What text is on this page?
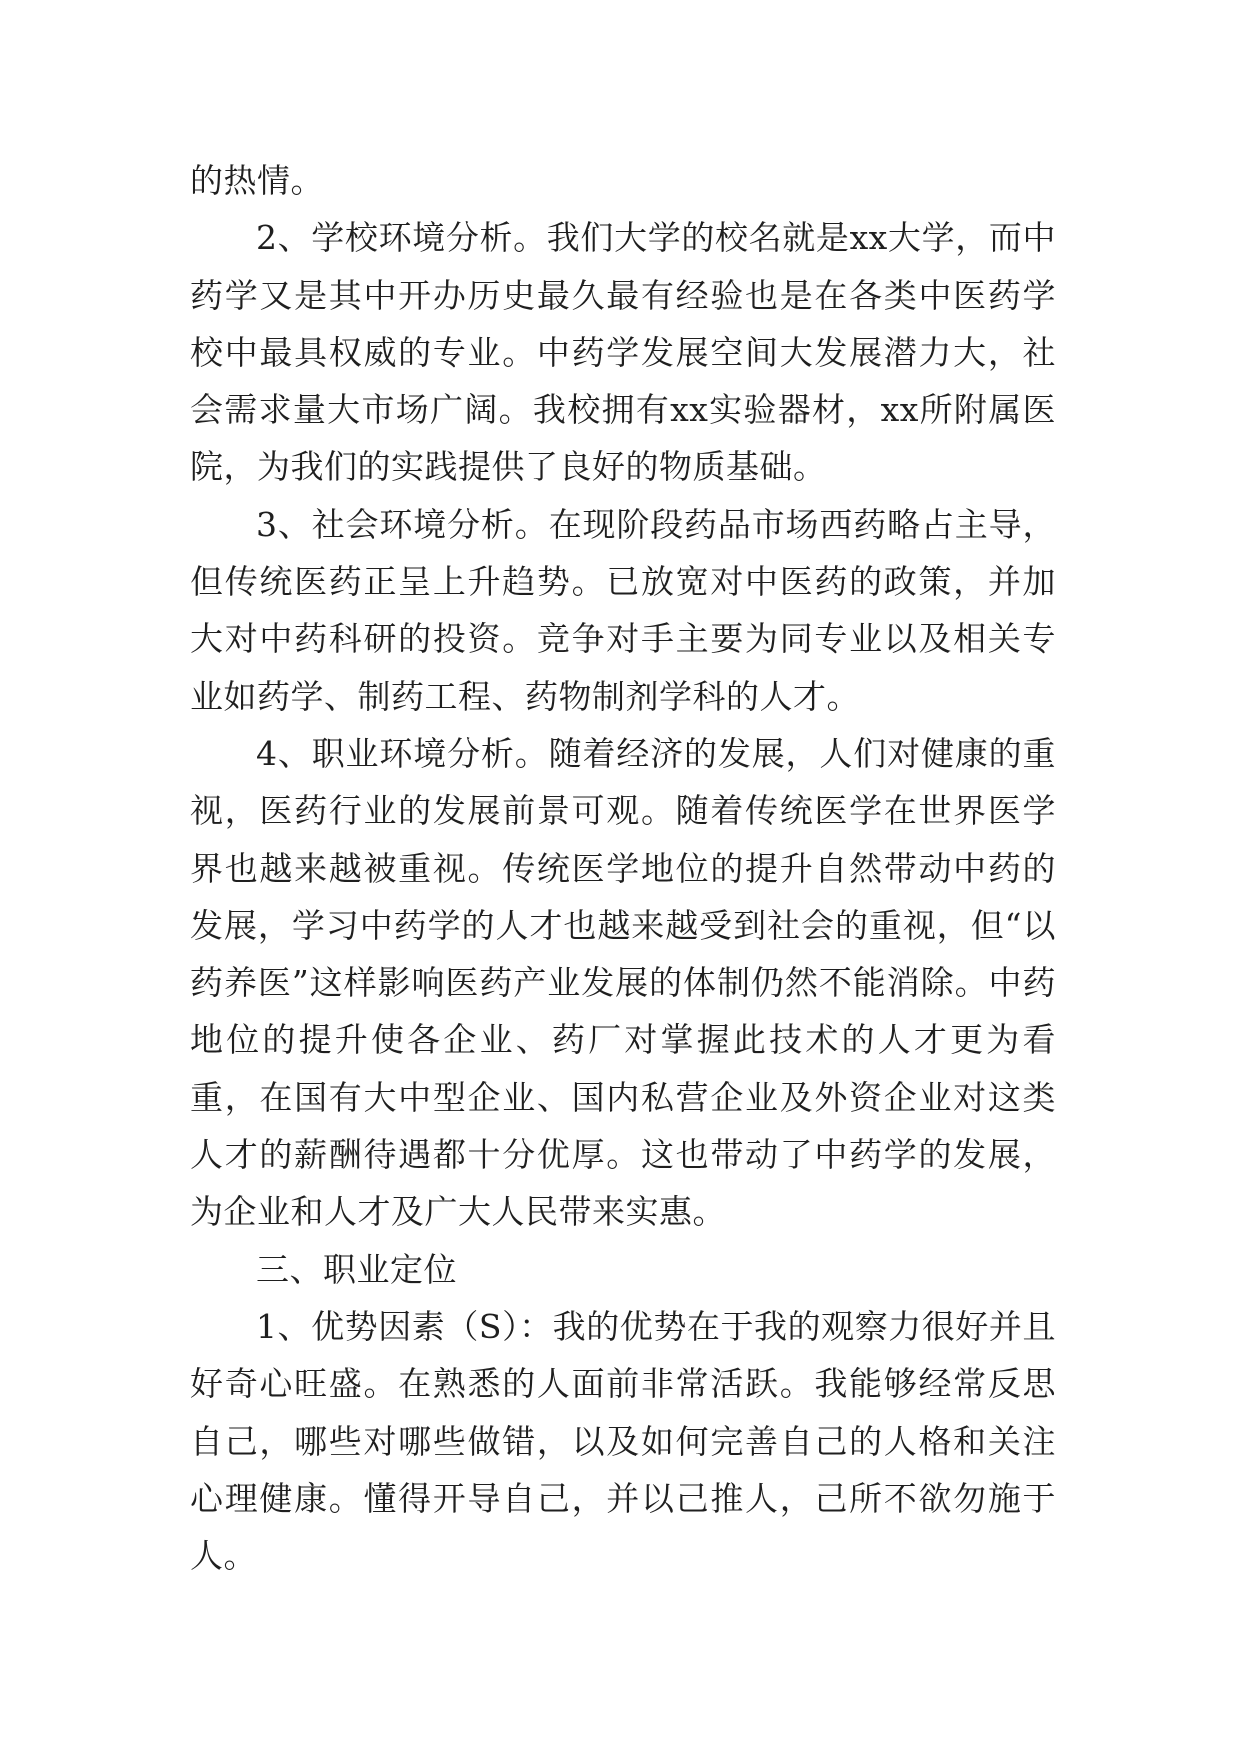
的热情。

2、学校环境分析。我们大学的校名就是xx大学，而中药学又是其中开办历史最久最有经验也是在各类中医药学校中最具权威的专业。中药学发展空间大发展潜力大，社会需求量大市场广阔。我校拥有xx实验器材，xx所附属医院，为我们的实践提供了良好的物质基础。

3、社会环境分析。在现阶段药品市场西药略占主导，但传统医药正呈上升趋势。已放宽对中医药的政策，并加大对中药科研的投资。竞争对手主要为同专业以及相关专业如药学、制药工程、药物制剂学科的人才。

4、职业环境分析。随着经济的发展，人们对健康的重视，医药行业的发展前景可观。随着传统医学在世界医学界也越来越被重视。传统医学地位的提升自然带动中药的发展，学习中药学的人才也越来越受到社会的重视，但“以药养医”这样影响医药产业发展的体制仍然不能消除。中药地位的提升使各企业、药厂对掌握此技术的人才更为看重，在国有大中型企业、国内私营企业及外资企业对这类人才的薪酬待遇都十分优厚。这也带动了中药学的发展，为企业和人才及广大人民带来实惠。

三、职业定位

1、优势因素（S）：我的优势在于我的观察力很好并且好奇心旺盛。在熟悉的人面前非常活跃。我能够经常反思自己，哪些对哪些做错，以及如何完善自己的人格和关注心理健康。懂得开导自己，并以己推人，己所不欲勿施于人。
